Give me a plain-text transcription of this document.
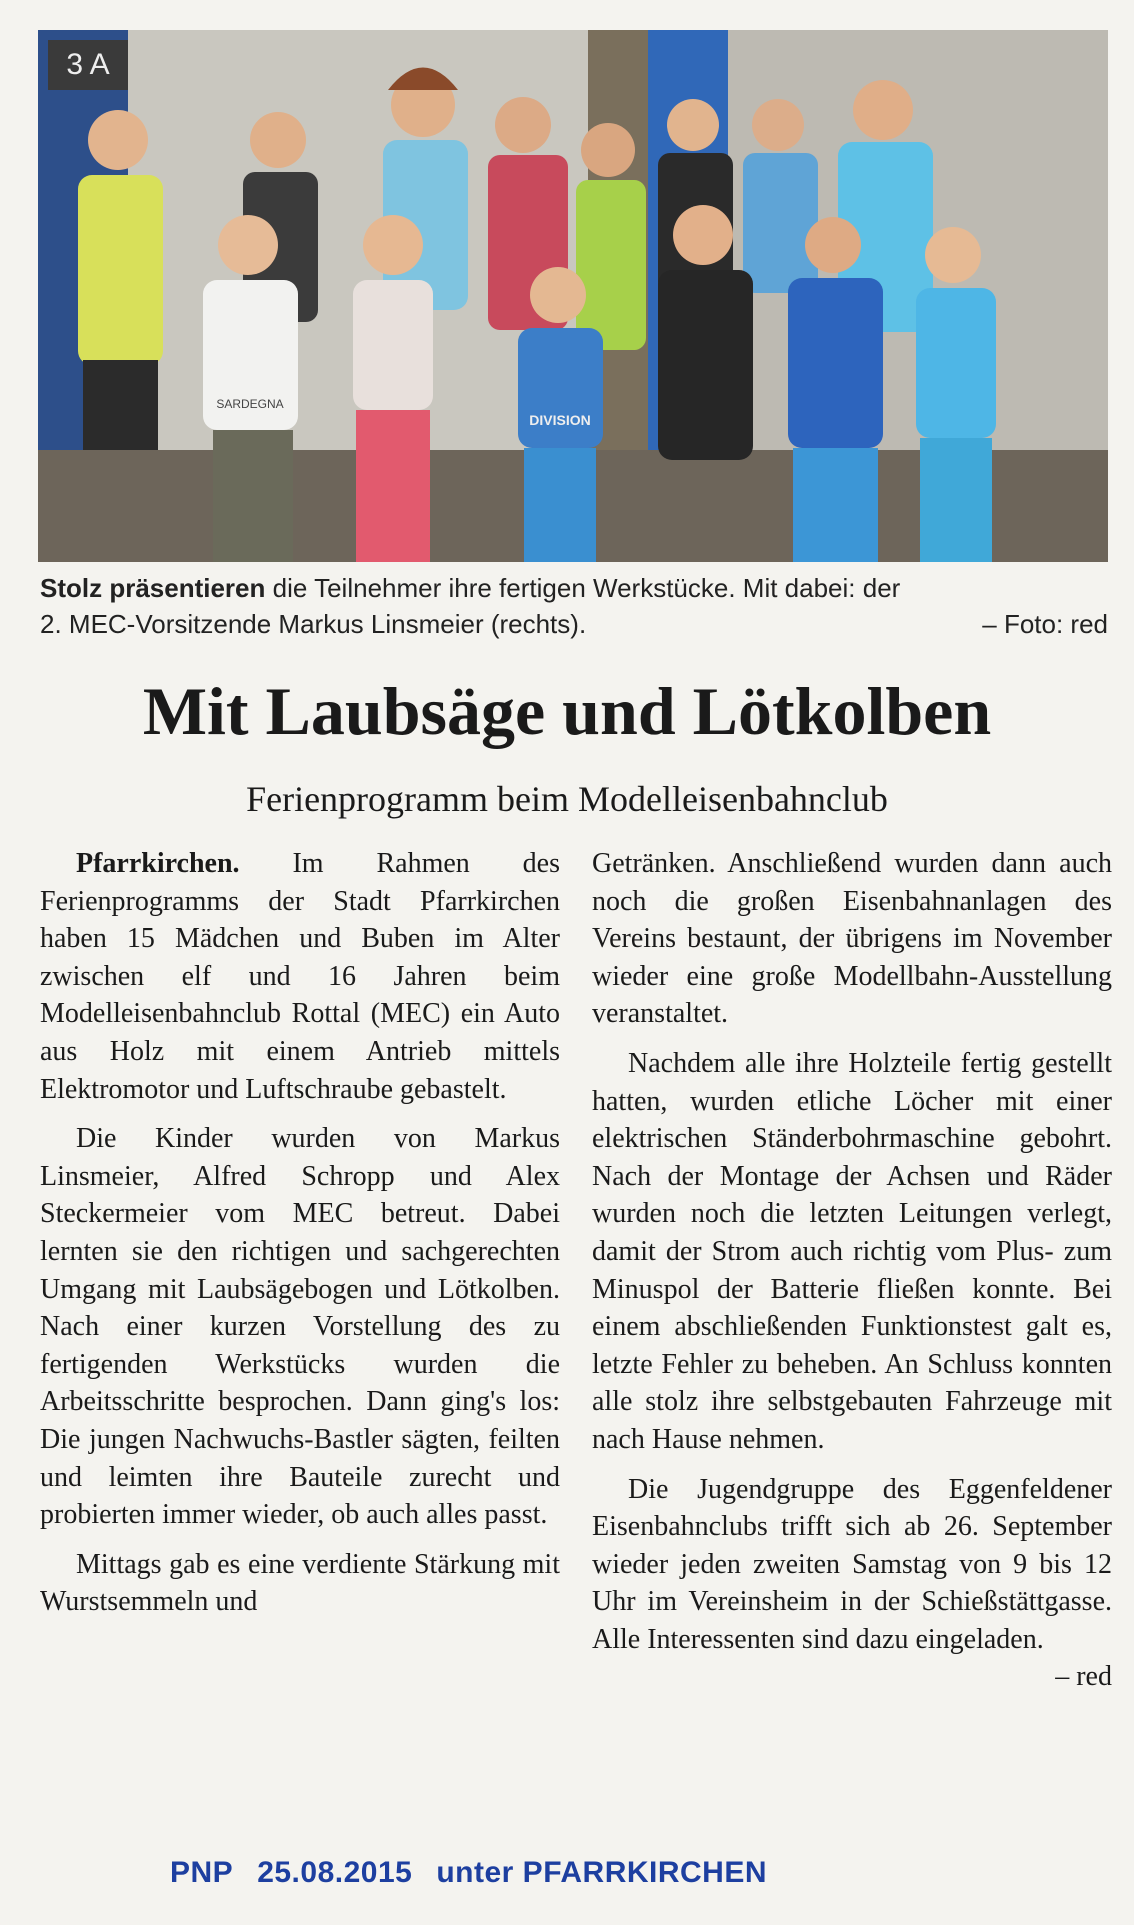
SARDEGNA
DIVISION
3 A
Stolz präsentieren die Teilnehmer ihre fertigen Werkstücke. Mit dabei: der
2. MEC-Vorsitzende Markus Linsmeier (rechts).	– Foto: red
Mit Laubsäge und Lötkolben
Ferienprogramm beim Modelleisenbahnclub

Pfarrkirchen. Im Rahmen des Ferienprogramms der Stadt Pfarrkirchen haben 15 Mädchen und Buben im Alter zwischen elf und 16 Jahren beim Modelleisenbahnclub Rottal (MEC) ein Auto aus Holz mit einem Antrieb mittels Elektromotor und Luftschraube gebastelt.

Die Kinder wurden von Markus Linsmeier, Alfred Schropp und Alex Steckermeier vom MEC betreut. Dabei lernten sie den richtigen und sachgerechten Umgang mit Laubsägebogen und Lötkolben. Nach einer kurzen Vorstellung des zu fertigenden Werkstücks wurden die Arbeitsschritte besprochen. Dann ging's los: Die jungen Nachwuchs-Bastler sägten, feilten und leimten ihre Bauteile zurecht und probierten immer wieder, ob auch alles passt.

Mittags gab es eine verdiente Stärkung mit Wurstsemmeln und

Getränken. Anschließend wurden dann auch noch die großen Eisenbahnanlagen des Vereins bestaunt, der übrigens im November wieder eine große Modellbahn-Ausstellung veranstaltet.

Nachdem alle ihre Holzteile fertig gestellt hatten, wurden etliche Löcher mit einer elektrischen Ständerbohrmaschine gebohrt. Nach der Montage der Achsen und Räder wurden noch die letzten Leitungen verlegt, damit der Strom auch richtig vom Plus- zum Minuspol der Batterie fließen konnte. Bei einem abschließenden Funktionstest galt es, letzte Fehler zu beheben. An Schluss konnten alle stolz ihre selbstgebauten Fahrzeuge mit nach Hause nehmen.

Die Jugendgruppe des Eggenfeldener Eisenbahnclubs trifft sich ab 26. September wieder jeden zweiten Samstag von 9 bis 12 Uhr im Vereinsheim in der Schießstättgasse. Alle Interessenten sind dazu eingeladen.
– red

PNP 25.08.2015 unter PFARRKIRCHEN
